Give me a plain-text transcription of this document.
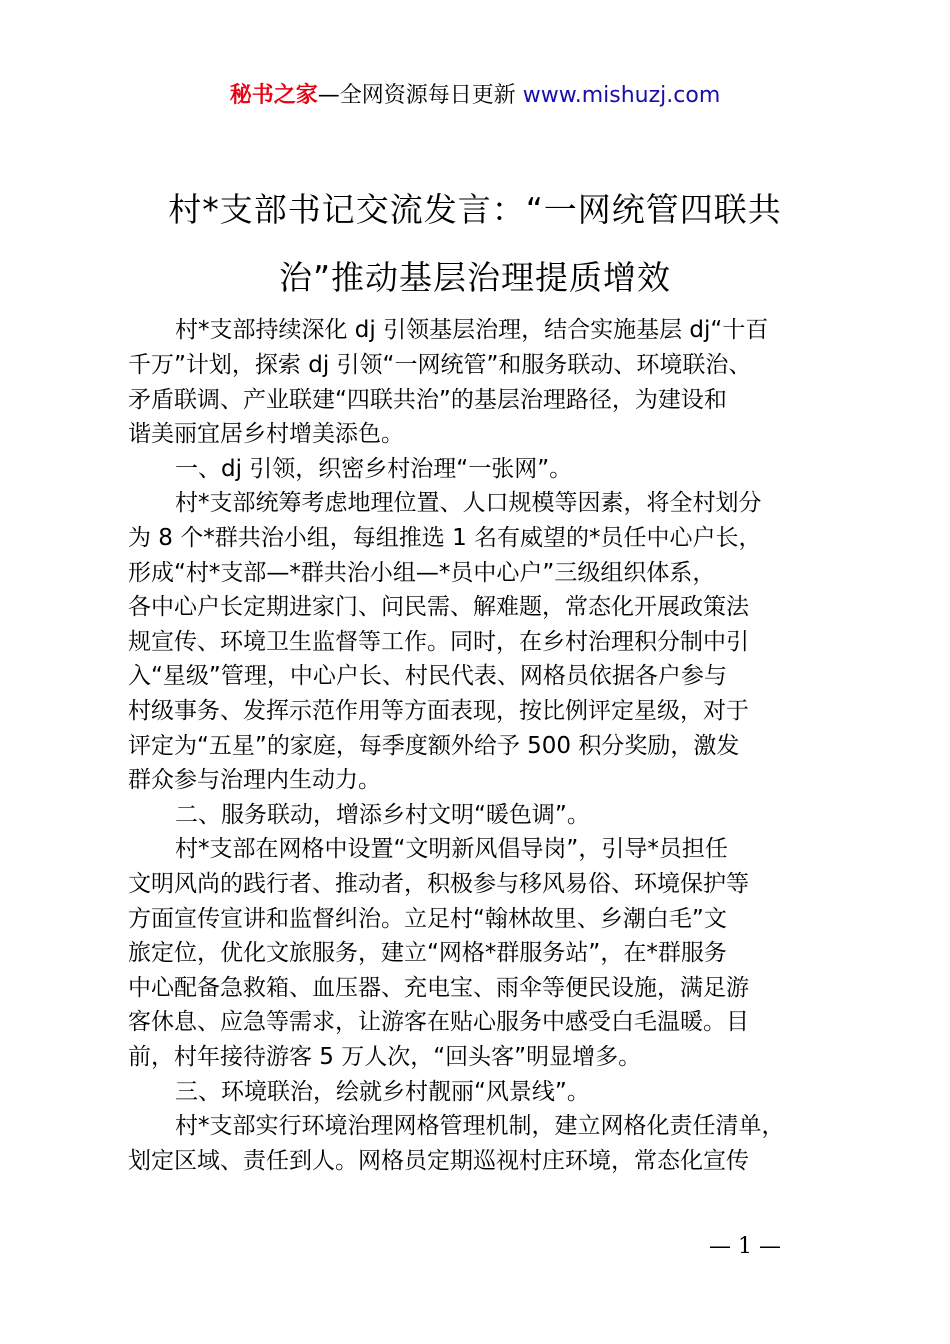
秘书之家—全网资源每日更新 www.mishuzj.com
村*支部书记交流发言：“一网统管四联共
治”推动基层治理提质增效
村*支部持续深化 dj 引领基层治理，结合实施基层 dj“十百
千万”计划，探索 dj 引领“一网统管”和服务联动、环境联治、
矛盾联调、产业联建“四联共治”的基层治理路径，为建设和
谐美丽宜居乡村增美添色。
一、dj 引领，织密乡村治理“一张网”。
村*支部统筹考虑地理位置、人口规模等因素，将全村划分
为 8 个*群共治小组，每组推选 1 名有威望的*员任中心户长，
形成“村*支部—*群共治小组—*员中心户”三级组织体系，
各中心户长定期进家门、问民需、解难题，常态化开展政策法
规宣传、环境卫生监督等工作。同时，在乡村治理积分制中引
入“星级”管理，中心户长、村民代表、网格员依据各户参与
村级事务、发挥示范作用等方面表现，按比例评定星级，对于
评定为“五星”的家庭，每季度额外给予 500 积分奖励，激发
群众参与治理内生动力。
二、服务联动，增添乡村文明“暖色调”。
村*支部在网格中设置“文明新风倡导岗”，引导*员担任
文明风尚的践行者、推动者，积极参与移风易俗、环境保护等
方面宣传宣讲和监督纠治。立足村“翰林故里、乡潮白毛”文
旅定位，优化文旅服务，建立“网格*群服务站”，在*群服务
中心配备急救箱、血压器、充电宝、雨伞等便民设施，满足游
客休息、应急等需求，让游客在贴心服务中感受白毛温暖。目
前，村年接待游客 5 万人次，“回头客”明显增多。
三、环境联治，绘就乡村靓丽“风景线”。
村*支部实行环境治理网格管理机制，建立网格化责任清单，
划定区域、责任到人。网格员定期巡视村庄环境，常态化宣传
— 1 —
